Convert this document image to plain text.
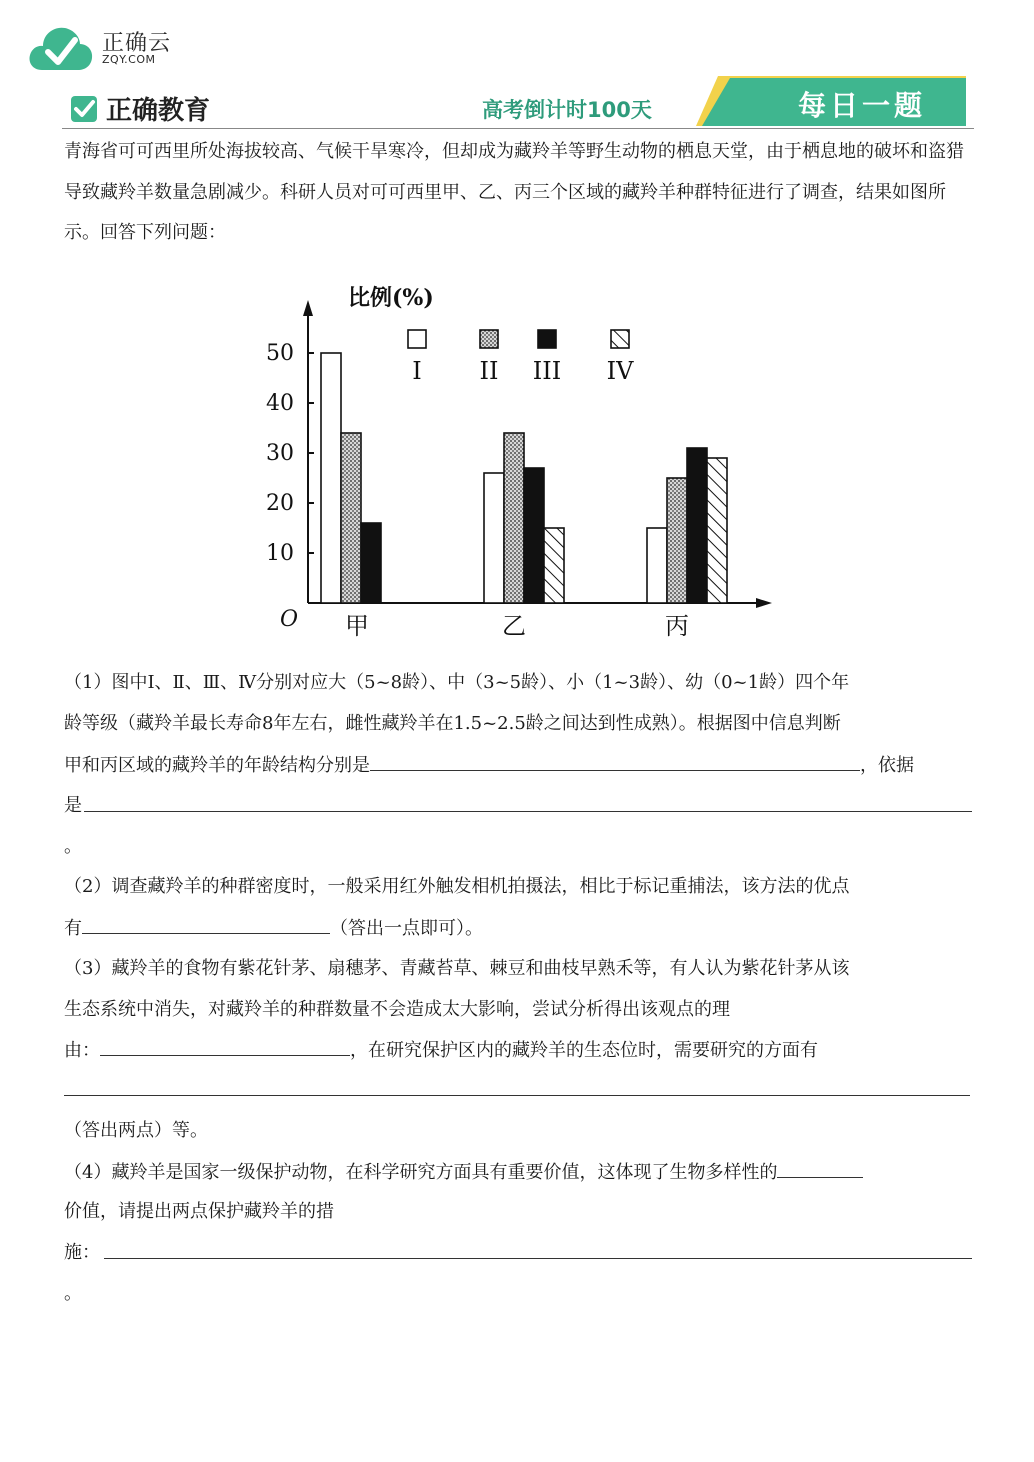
正确云
ZQY.COM
正确教育	高考倒计时100天	每日一题
青海省可可西里所处海拔较高、气候干旱寒冷，但却成为藏羚羊等野生动物的栖息天堂，由于栖息地的破坏和盗猎导致藏羚羊数量急剧减少。科研人员对可可西里甲、乙、丙三个区域的藏羚羊种群特征进行了调查，结果如图所示。回答下列问题：
比例(%)
O
10
20
30
40
50
甲	乙	丙
I II III IV
（1）图中Ⅰ、Ⅱ、Ⅲ、Ⅳ分别对应大（5~8龄）、中（3~5龄）、小（1~3龄）、幼（0~1龄）四个年
龄等级（藏羚羊最长寿命8年左右，雌性藏羚羊在1.5~2.5龄之间达到性成熟）。根据图中信息判断
甲和丙区域的藏羚羊的年龄结构分别是	，依据
是
。
（2）调查藏羚羊的种群密度时，一般采用红外触发相机拍摄法，相比于标记重捕法，该方法的优点
有	（答出一点即可）。
（3）藏羚羊的食物有紫花针茅、扇穗茅、青藏苔草、棘豆和曲枝早熟禾等，有人认为紫花针茅从该
生态系统中消失，对藏羚羊的种群数量不会造成太大影响，尝试分析得出该观点的理
由：	，在研究保护区内的藏羚羊的生态位时，需要研究的方面有
（答出两点）等。
（4）藏羚羊是国家一级保护动物，在科学研究方面具有重要价值，这体现了生物多样性的
价值，请提出两点保护藏羚羊的措
施：
。
